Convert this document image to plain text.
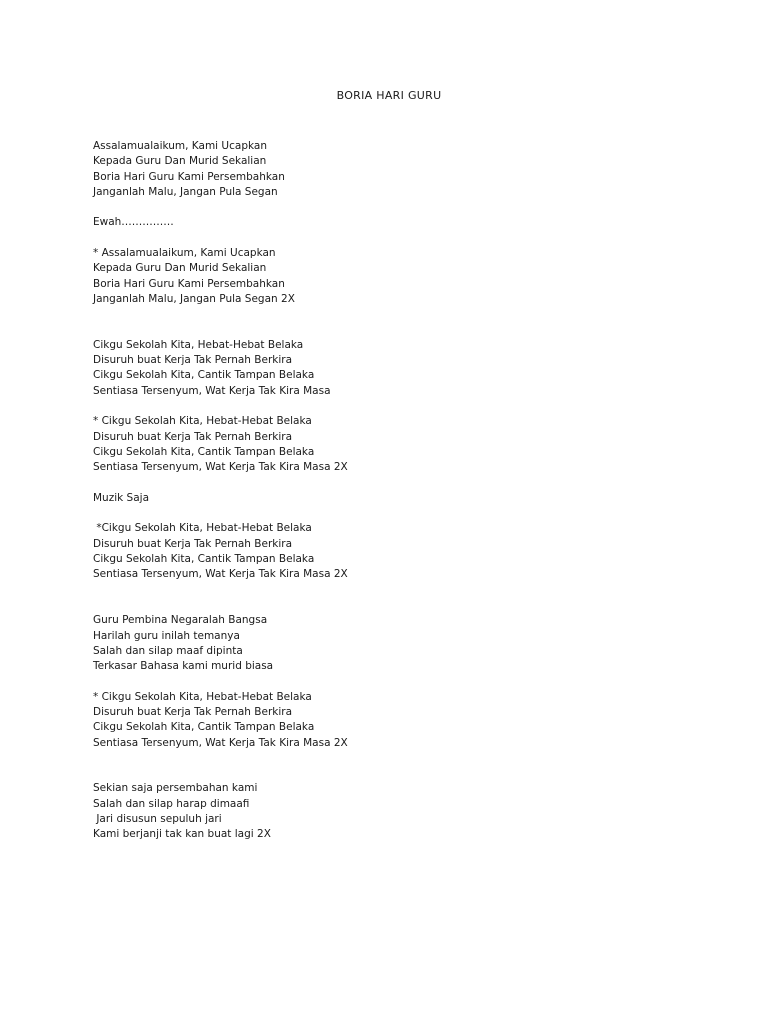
BORIA HARI GURU
Assalamualaikum, Kami Ucapkan
Kepada Guru Dan Murid Sekalian
Boria Hari Guru Kami Persembahkan
Janganlah Malu, Jangan Pula Segan
Ewah……………
* Assalamualaikum, Kami Ucapkan
Kepada Guru Dan Murid Sekalian
Boria Hari Guru Kami Persembahkan
Janganlah Malu, Jangan Pula Segan 2X
Cikgu Sekolah Kita, Hebat-Hebat Belaka
Disuruh buat Kerja Tak Pernah Berkira
Cikgu Sekolah Kita, Cantik Tampan Belaka
Sentiasa Tersenyum, Wat Kerja Tak Kira Masa
* Cikgu Sekolah Kita, Hebat-Hebat Belaka
Disuruh buat Kerja Tak Pernah Berkira
Cikgu Sekolah Kita, Cantik Tampan Belaka
Sentiasa Tersenyum, Wat Kerja Tak Kira Masa 2X
Muzik Saja
*Cikgu Sekolah Kita, Hebat-Hebat Belaka
Disuruh buat Kerja Tak Pernah Berkira
Cikgu Sekolah Kita, Cantik Tampan Belaka
Sentiasa Tersenyum, Wat Kerja Tak Kira Masa 2X
Guru Pembina Negaralah Bangsa
Harilah guru inilah temanya
Salah dan silap maaf dipinta
Terkasar Bahasa kami murid biasa
* Cikgu Sekolah Kita, Hebat-Hebat Belaka
Disuruh buat Kerja Tak Pernah Berkira
Cikgu Sekolah Kita, Cantik Tampan Belaka
Sentiasa Tersenyum, Wat Kerja Tak Kira Masa 2X
Sekian saja persembahan kami
Salah dan silap harap dimaafi
Jari disusun sepuluh jari
Kami berjanji tak kan buat lagi 2X
